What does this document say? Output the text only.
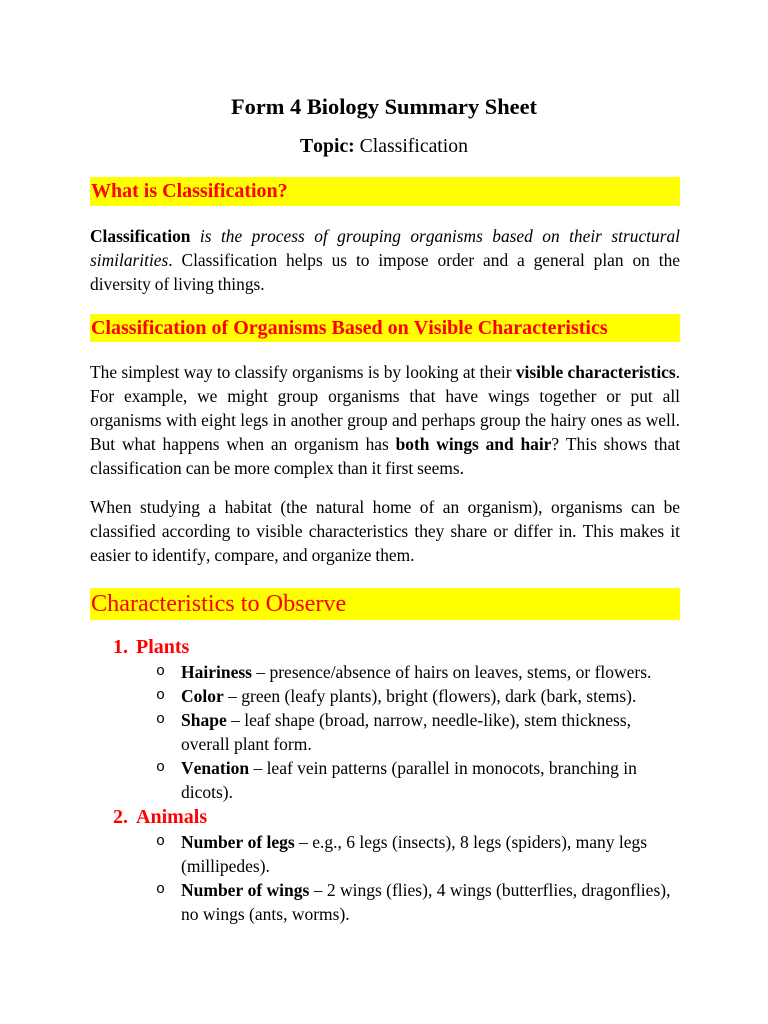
Form 4 Biology Summary Sheet
Topic: Classification
What is Classification?

Classification is the process of grouping organisms based on their structural similarities. Classification helps us to impose order and a general plan on the diversity of living things.

Classification of Organisms Based on Visible Characteristics

The simplest way to classify organisms is by looking at their visible characteristics. For example, we might group organisms that have wings together or put all organisms with eight legs in another group and perhaps group the hairy ones as well. But what happens when an organism has both wings and hair? This shows that classification can be more complex than it first seems.

When studying a habitat (the natural home of an organism), organisms can be classified according to visible characteristics they share or differ in. This makes it easier to identify, compare, and organize them.

Characteristics to Observe
1. Plants
o Hairiness – presence/absence of hairs on leaves, stems, or flowers.
o Color – green (leafy plants), bright (flowers), dark (bark, stems).
o Shape – leaf shape (broad, narrow, needle-like), stem thickness, overall plant form.
o Venation – leaf vein patterns (parallel in monocots, branching in dicots).
2. Animals
o Number of legs – e.g., 6 legs (insects), 8 legs (spiders), many legs (millipedes).
o Number of wings – 2 wings (flies), 4 wings (butterflies, dragonflies), no wings (ants, worms).
